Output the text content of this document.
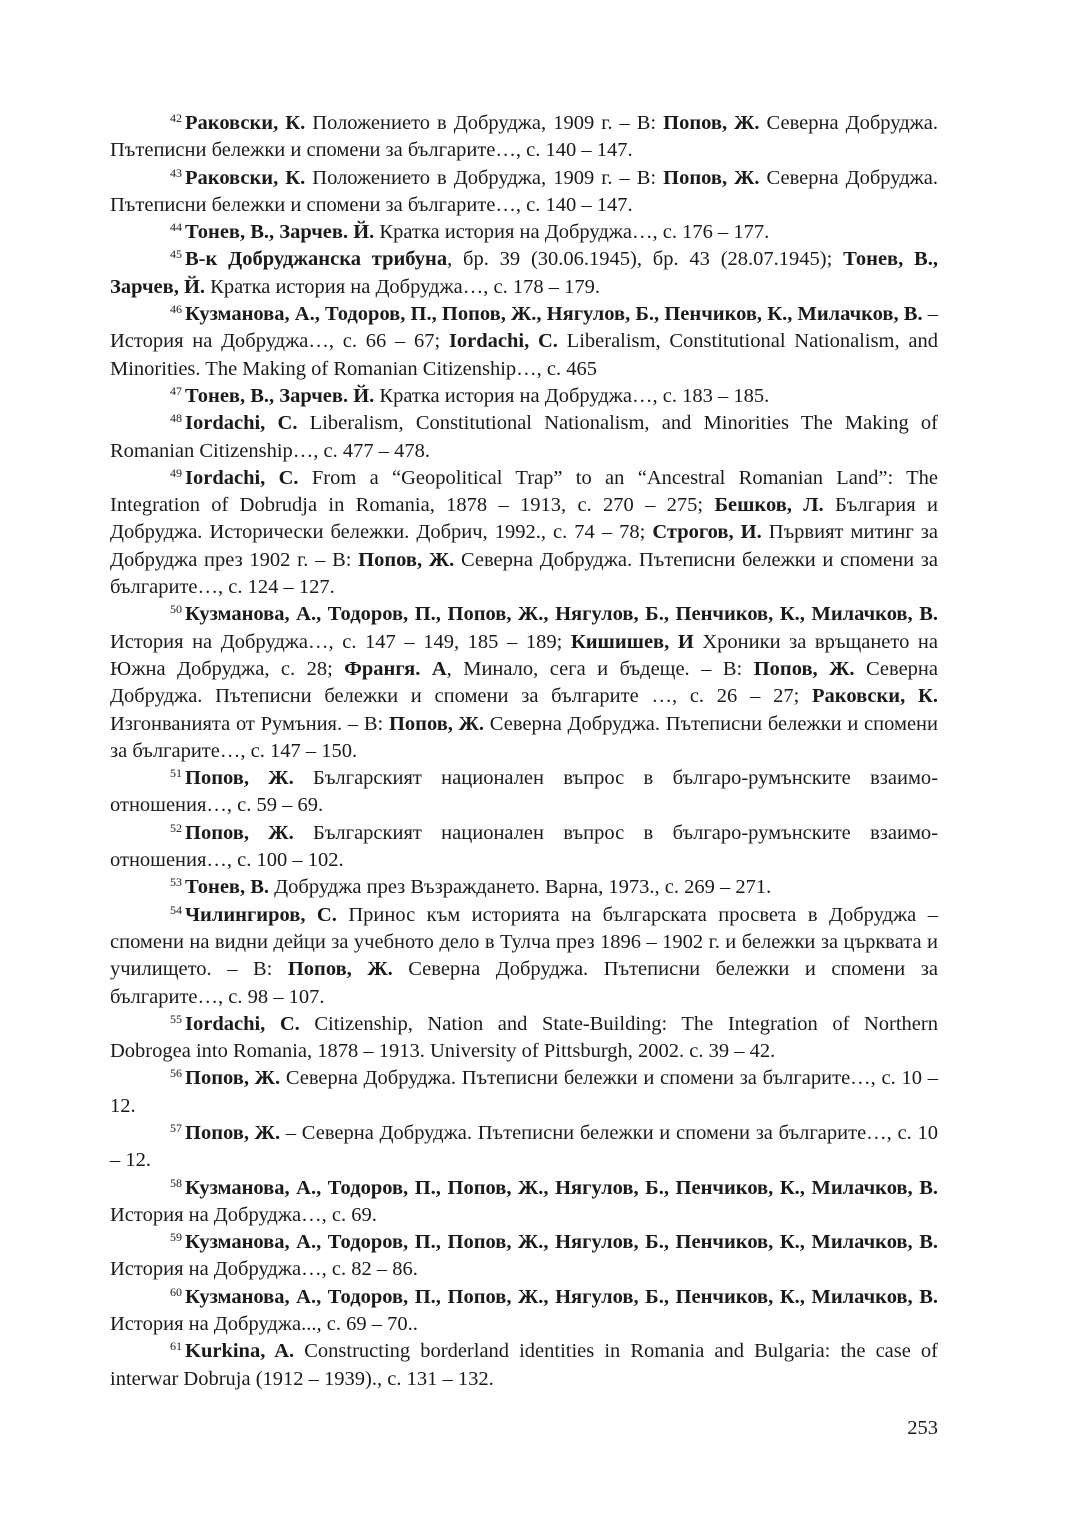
$^{42}$ Раковски, К. Положението в Добруджа, 1909 г. – В: Попов, Ж. Северна Добруджа. Пътеписни бележки и спомени за българите…, с. 140 – 147.

$^{43}$ Раковски, К. Положението в Добруджа, 1909 г. – В: Попов, Ж. Северна Добруджа. Пътеписни бележки и спомени за българите…, с. 140 – 147.

$^{44}$ Тонев, В., Зарчев. Й. Кратка история на Добруджа…, с. 176 – 177.

$^{45}$ В-к Добруджанска трибуна, бр. 39 (30.06.1945), бр. 43 (28.07.1945); Тонев, В., Зарчев, Й. Кратка история на Добруджа…, с. 178 – 179.

$^{46}$ Кузманова, А., Тодоров, П., Попов, Ж., Нягулов, Б., Пенчиков, К., Милачков, В. – История на Добруджа…, с. 66 – 67; Iordachi, C. Liberalism, Constitutional Nationalism, and Minorities. The Making of Romanian Citizenship…, с. 465

$^{47}$ Тонев, В., Зарчев. Й. Кратка история на Добруджа…, с. 183 – 185.

$^{48}$ Iordachi, C. Liberalism, Constitutional Nationalism, and Minorities The Making of Romanian Citizenship…, с. 477 – 478.

$^{49}$ Iordachi, C. From a “Geopolitical Trap” to an “Ancestral Romanian Land”: The Integration of Dobrudja in Romania, 1878 – 1913, с. 270 – 275; Бешков, Л. България и Добруджа. Исторически бележки. Добрич, 1992., с. 74 – 78; Строгов, И. Първият митинг за Добруджа през 1902 г. – В: Попов, Ж. Северна Добруджа. Пътеписни бележки и спомени за българите…, с. 124 – 127.

$^{50}$ Кузманова, А., Тодоров, П., Попов, Ж., Нягулов, Б., Пенчиков, К., Милачков, В. История на Добруджа…, с. 147 – 149, 185 – 189; Кишишев, И Хроники за връщането на Южна Добруджа, с. 28; Франгя. А, Минало, сега и бъдеще. – В: Попов, Ж. Северна Добруджа. Пътеписни бележки и спомени за българите …, с. 26 – 27; Раковски, К. Изгонванията от Румъния. – В: Попов, Ж. Северна Добруджа. Пътеписни бележки и спомени за българите…, с. 147 – 150.

$^{51}$ Попов, Ж. Българският национален въпрос в българо-румънските взаимоотношения…, с. 59 – 69.

$^{52}$ Попов, Ж. Българският национален въпрос в българо-румънските взаимоотношения…, с. 100 – 102.

$^{53}$ Тонев, В. Добруджа през Възраждането. Варна, 1973., с. 269 – 271.

$^{54}$ Чилингиров, С. Принос към историята на българската просвета в Добруджа – спомени на видни дейци за учебното дело в Тулча през 1896 – 1902 г. и бележки за църквата и училището. – В: Попов, Ж. Северна Добруджа. Пътеписни бележки и спомени за българите…, с. 98 – 107.

$^{55}$ Iordachi, C. Citizenship, Nation and State-Building: The Integration of Northern Dobrogea into Romania, 1878 – 1913. University of Pittsburgh, 2002. с. 39 – 42.

$^{56}$ Попов, Ж. Северна Добруджа. Пътеписни бележки и спомени за българите…, с. 10 – 12.

$^{57}$ Попов, Ж. – Северна Добруджа. Пътеписни бележки и спомени за българите…, с. 10 – 12.

$^{58}$ Кузманова, А., Тодоров, П., Попов, Ж., Нягулов, Б., Пенчиков, К., Милачков, В. История на Добруджа…, с. 69.

$^{59}$ Кузманова, А., Тодоров, П., Попов, Ж., Нягулов, Б., Пенчиков, К., Милачков, В. История на Добруджа…, с. 82 – 86.

$^{60}$ Кузманова, А., Тодоров, П., Попов, Ж., Нягулов, Б., Пенчиков, К., Милачков, В. История на Добруджа..., с. 69 – 70..

$^{61}$ Kurkina, A. Constructing borderland identities in Romania and Bulgaria: the case of interwar Dobruja (1912 – 1939)., с. 131 – 132.

253
